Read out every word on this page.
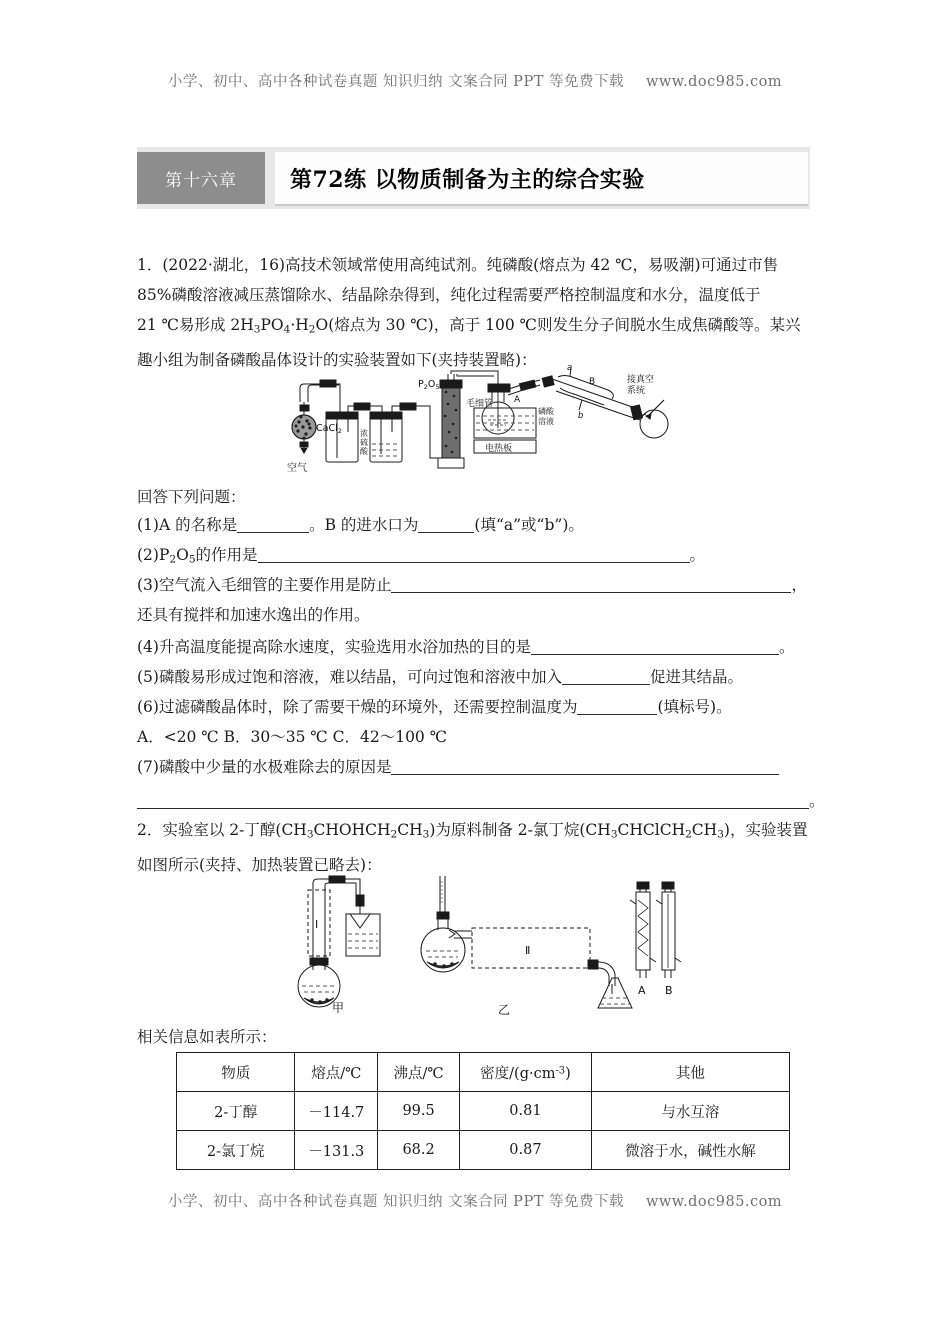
小学、初中、高中各种试卷真题 知识归纳 文案合同 PPT 等免费下载 www.doc985.com
第十六章	第72练 以物质制备为主的综合实验
1．(2022·湖北，16)高技术领域常使用高纯试剂。纯磷酸(熔点为 42 ℃，易吸潮)可通过市售
85%磷酸溶液减压蒸馏除水、结晶除杂得到，纯化过程需要严格控制温度和水分，温度低于
21 ℃易形成 $2H_3PO_4\cdot H_2O$(熔点为 30 ℃)，高于 100 ℃则发生分子间脱水生成焦磷酸等。某兴
趣小组为制备磷酸晶体设计的实验装置如下(夹持装置略)：
CaCl$_2$
空气
浓
硫
酸
$P_2O_5$
毛细管 A
磷酸
溶液
电热板
a
b
B	接真空
系统
回答下列问题：
(1)A 的名称是	。B 的进水口为	(填“a”或“b”)。
$(2)P_2O_5$的作用是	。
(3)空气流入毛细管的主要作用是防止	，
还具有搅拌和加速水逸出的作用。
(4)升高温度能提高除水速度，实验选用水浴加热的目的是	。
(5)磷酸易形成过饱和溶液，难以结晶，可向过饱和溶液中加入	促进其结晶。
(6)过滤磷酸晶体时，除了需要干燥的环境外，还需要控制温度为	(填标号)。
A．<20 ℃ B．30～35 ℃ C．42～100 ℃
(7)磷酸中少量的水极难除去的原因是
。
2．实验室以 2-丁醇$(CH_3CHOHCH_2CH_3)$为原料制备 2-氯丁烷$(CH_3CHClCH_2CH_3)$，实验装置
如图所示(夹持、加热装置已略去)：
Ⅰ
甲
Ⅱ
乙
A B
相关信息如表所示：
物质	熔点/℃	沸点/℃	密度$/(g\cdot cm^{-3})$	其他
2-丁醇	－114.7	99.5	0.81	与水互溶
2-氯丁烷	－131.3	68.2	0.87	微溶于水，碱性水解
小学、初中、高中各种试卷真题 知识归纳 文案合同 PPT 等免费下载 www.doc985.com
